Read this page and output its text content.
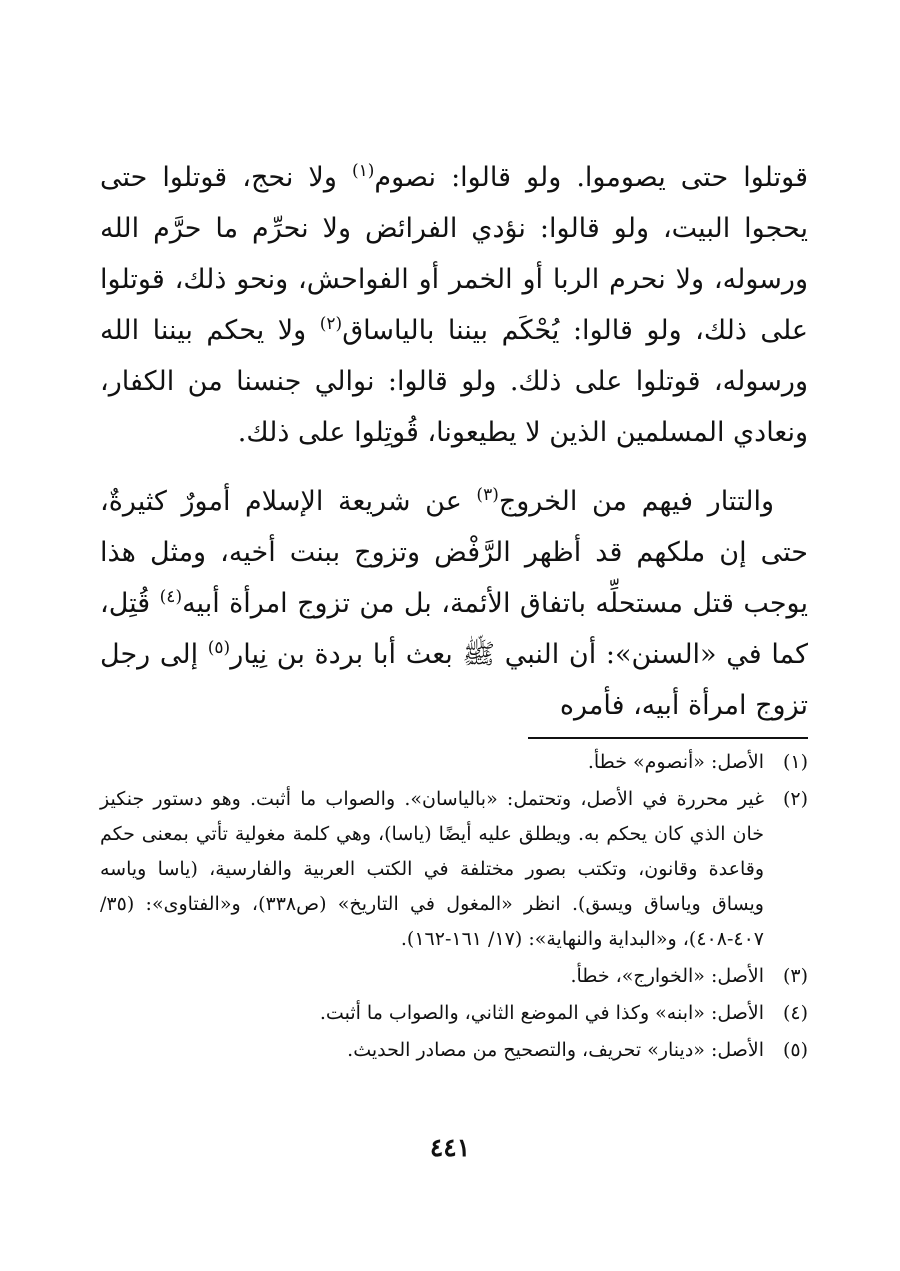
قوتلوا حتى يصوموا. ولو قالوا: نصوم$^{(١)}$ ولا نحج، قوتلوا حتى يحجوا البيت، ولو قالوا: نؤدي الفرائض ولا نحرِّم ما حرَّم الله ورسوله، ولا نحرم الربا أو الخمر أو الفواحش، ونحو ذلك، قوتلوا على ذلك، ولو قالوا: يُحْكَم بيننا بالياساق$^{(٢)}$ ولا يحكم بيننا الله ورسوله، قوتلوا على ذلك. ولو قالوا: نوالي جنسنا من الكفار، ونعادي المسلمين الذين لا يطيعونا، قُوتِلوا على ذلك.

والتتار فيهم من الخروج$^{(٣)}$ عن شريعة الإسلام أمورٌ كثيرةٌ، حتى إن ملكهم قد أظهر الرَّفْض وتزوج ببنت أخيه، ومثل هذا يوجب قتل مستحلِّه باتفاق الأئمة، بل من تزوج امرأة أبيه$^{(٤)}$ قُتِل، كما في «السنن»: أن النبي ﷺ بعث أبا بردة بن نِيار$^{(٥)}$ إلى رجل تزوج امرأة أبيه، فأمره

(١)
الأصل: «أنصوم» خطأ.
(٢)
غير محررة في الأصل، وتحتمل: «بالياسان». والصواب ما أثبت. وهو دستور جنكيز خان الذي كان يحكم به. ويطلق عليه أيضًا (ياسا)، وهي كلمة مغولية تأتي بمعنى حكم وقاعدة وقانون، وتكتب بصور مختلفة في الكتب العربية والفارسية، (ياسا وياسه ويساق وياساق ويسق). انظر «المغول في التاريخ» (ص٣٣٨)، و«الفتاوى»: (٣٥/ ٤٠٧-٤٠٨)، و«البداية والنهاية»: (١٧/ ١٦١-١٦٢).
(٣)
الأصل: «الخوارج»، خطأ.
(٤)
الأصل: «ابنه» وكذا في الموضع الثاني، والصواب ما أثبت.
(٥)
الأصل: «دينار» تحريف، والتصحيح من مصادر الحديث.
٤٤١
